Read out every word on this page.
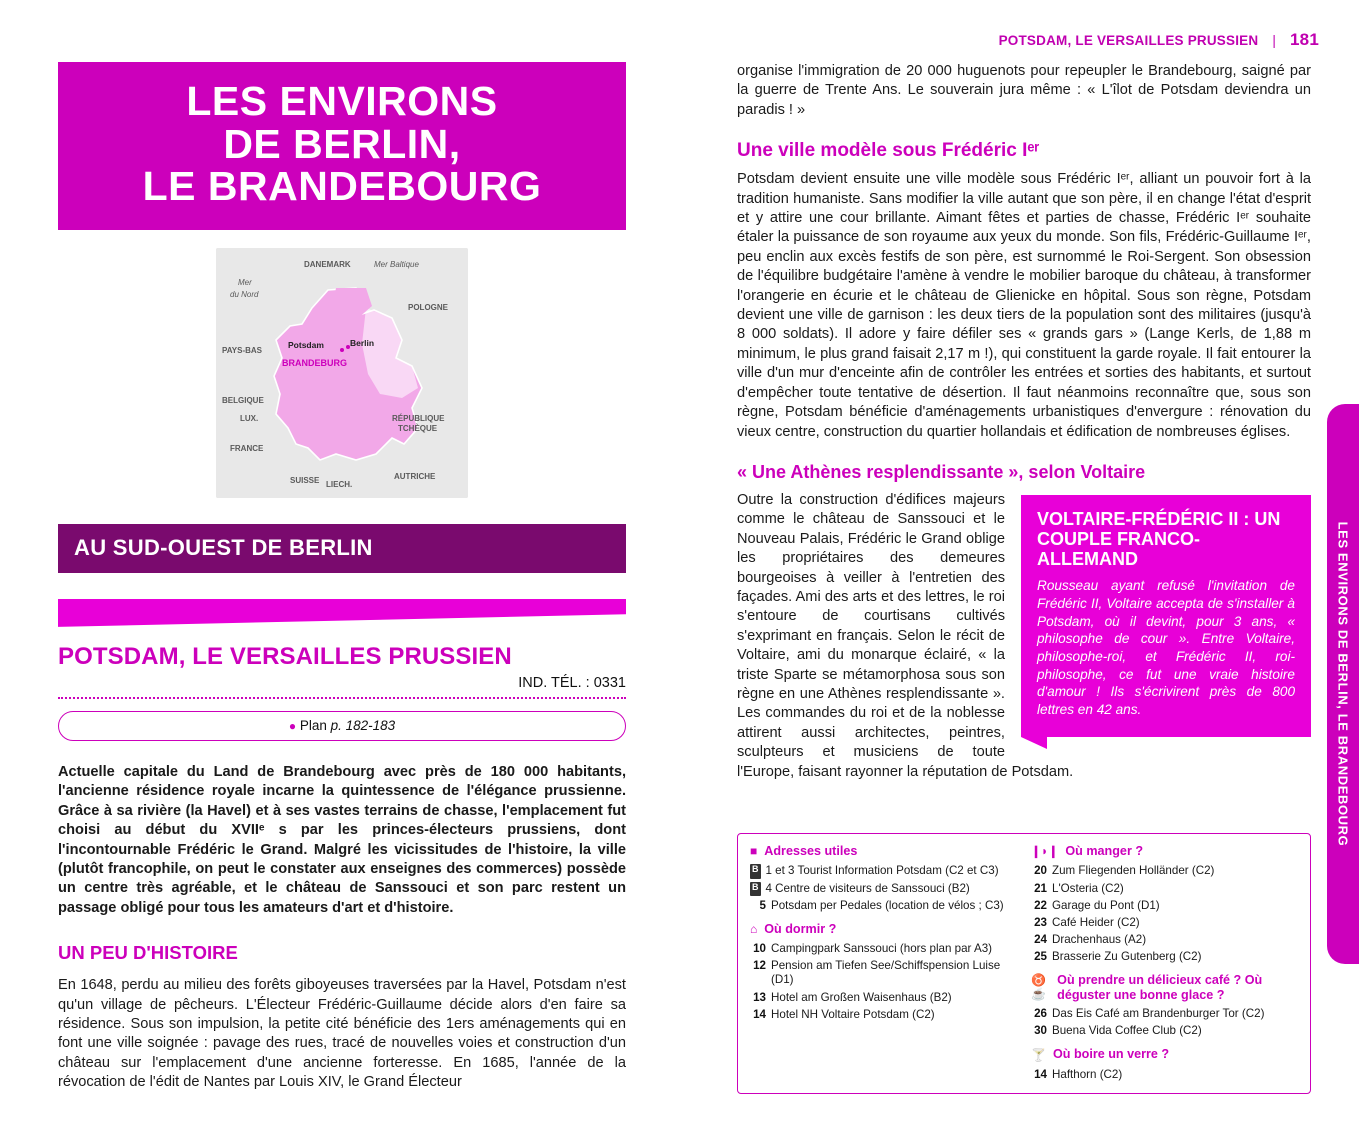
POTSDAM, LE VERSAILLES PRUSSIEN | 181
LES ENVIRONS
DE BERLIN,
LE BRANDEBOURG
Mer
du Nord
DANEMARK	Mer Baltique
POLOGNE
PAYS-BAS
BELGIQUE
LUX.
FRANCE
RÉPUBLIQUE
TCHÈQUE
SUISSE LIECH.
AUTRICHE
Potsdam	Berlin
BRANDEBURG
AU SUD-OUEST DE BERLIN
POTSDAM, LE VERSAILLES PRUSSIEN
IND. TÉL. : 0331
● Plan p. 182-183
Actuelle capitale du Land de Brandebourg avec près de 180 000 habitants, l'ancienne résidence royale incarne la quintessence de l'élégance prussienne. Grâce à sa rivière (la Havel) et à ses vastes terrains de chasse, l'emplacement fut choisi au début du XVIIᵉ s par les princes-électeurs prussiens, dont l'incontournable Frédéric le Grand. Malgré les vicissitudes de l'histoire, la ville (plutôt francophile, on peut le constater aux enseignes des commerces) possède un centre très agréable, et le château de Sanssouci et son parc restent un passage obligé pour tous les amateurs d'art et d'histoire.
UN PEU D'HISTOIRE
En 1648, perdu au milieu des forêts giboyeuses traversées par la Havel, Potsdam n'est qu'un village de pêcheurs. L'Électeur Frédéric-Guillaume décide alors d'en faire sa résidence. Sous son impulsion, la petite cité bénéficie des 1ers aménagements qui en font une ville soignée : pavage des rues, tracé de nouvelles voies et construction d'un château sur l'emplacement d'une ancienne forteresse. En 1685, l'année de la révocation de l'édit de Nantes par Louis XIV, le Grand Électeur

organise l'immigration de 20 000 huguenots pour repeupler le Brandebourg, saigné par la guerre de Trente Ans. Le souverain jura même : « L'îlot de Potsdam deviendra un paradis ! »

Une ville modèle sous Frédéric Iᵉʳ

Potsdam devient ensuite une ville modèle sous Frédéric Iᵉʳ, alliant un pouvoir fort à la tradition humaniste. Sans modifier la ville autant que son père, il en change l'état d'esprit et y attire une cour brillante. Aimant fêtes et parties de chasse, Frédéric Iᵉʳ souhaite étaler la puissance de son royaume aux yeux du monde. Son fils, Frédéric-Guillaume Iᵉʳ, peu enclin aux excès festifs de son père, est surnommé le Roi-Sergent. Son obsession de l'équilibre budgétaire l'amène à vendre le mobilier baroque du château, à transformer l'orangerie en écurie et le château de Glienicke en hôpital. Sous son règne, Potsdam devient une ville de garnison : les deux tiers de la population sont des militaires (jusqu'à 8 000 soldats). Il adore y faire défiler ses « grands gars » (Lange Kerls, de 1,88 m minimum, le plus grand faisait 2,17 m !), qui constituent la garde royale. Il fait entourer la ville d'un mur d'enceinte afin de contrôler les entrées et sorties des habitants, et surtout d'empêcher toute tentative de désertion. Il faut néanmoins reconnaître que, sous son règne, Potsdam bénéficie d'aménagements urbanistiques d'envergure : rénovation du vieux centre, construction du quartier hollandais et édification de nombreuses églises.

« Une Athènes resplendissante », selon Voltaire
VOLTAIRE-FRÉDÉRIC II : UN
COUPLE FRANCO-ALLEMAND
Rousseau ayant refusé l'invitation de Frédéric II, Voltaire accepta de s'installer à Potsdam, où il devint, pour 3 ans, « philosophe de cour ». Entre Voltaire, philosophe-roi, et Frédéric II, roi-philosophe, ce fut une vraie histoire d'amour ! Ils s'écrivirent près de 800 lettres en 42 ans.

Outre la construction d'édifices majeurs comme le château de Sanssouci et le Nouveau Palais, Frédéric le Grand oblige les propriétaires des demeures bourgeoises à veiller à l'entretien des façades. Ami des arts et des lettres, le roi s'entoure de courtisans cultivés s'exprimant en français. Selon le récit de Voltaire, ami du monarque éclairé, « la triste Sparte se métamorphosa sous son règne en une Athènes resplendissante ». Les commandes du roi et de la noblesse attirent aussi architectes, peintres, sculpteurs et musiciens de toute l'Europe, faisant rayonner la réputation de Potsdam.

■ Adresses utiles
B 1 et 3 Tourist Information Potsdam (C2 et C3)
B 4 Centre de visiteurs de Sanssouci (B2)
5 Potsdam per Pedales (location de vélos ; C3)
⌂ Où dormir ?
10 Campingpark Sanssouci (hors plan par A3)
12 Pension am Tiefen See/Schiffspension Luise (D1)
13 Hotel am Großen Waisenhaus (B2)
14 Hotel NH Voltaire Potsdam (C2)
❙◗❙ Où manger ?
20 Zum Fliegenden Holländer (C2)
21 L'Osteria (C2)
22 Garage du Pont (D1)
23 Café Heider (C2)
24 Drachenhaus (A2)
25 Brasserie Zu Gutenberg (C2)
♉☕
Où prendre un délicieux café ? Où déguster une bonne glace ?
26 Das Eis Café am Brandenburger Tor (C2)
30 Buena Vida Coffee Club (C2)
🍸 Où boire un verre ?
14 Hafthorn (C2)
LES ENVIRONS DE BERLIN, LE BRANDEBOURG
